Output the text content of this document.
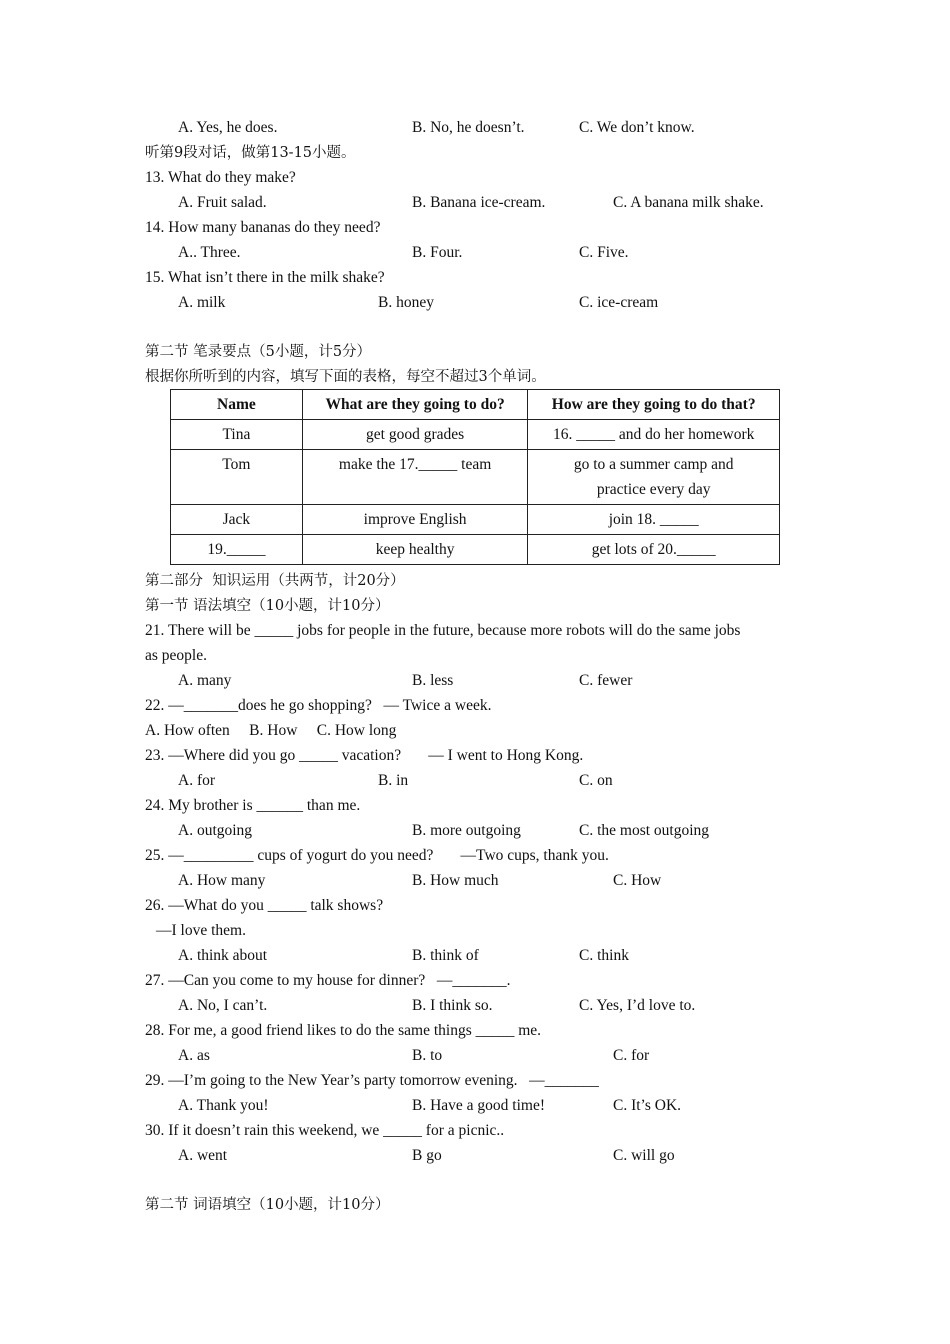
A. Yes, he does.	B. No, he doesn’t.	C. We don’t know.
听第9段对话，做第13-15小题。
13. What do they make?
A. Fruit salad.	B. Banana ice-cream.	C. A banana milk shake.
14. How many bananas do they need?
A.. Three.	B. Four.	C. Five.
15. What isn’t there in the milk shake?
A. milk	B. honey	C. ice-cream
第二节 笔录要点（5小题，计5分）
根据你所听到的内容，填写下面的表格，每空不超过3个单词。
Name	What are they going to do?	How are they going to do that?
Tina	get good grades	16. _____ and do her homework
Tom	make the 17._____ team	go to a summer camp and practice every day
Jack	improve English	join 18. _____
19._____	keep healthy	get lots of 20._____
第二部分  知识运用（共两节，计20分）
第一节 语法填空（10小题，计10分）
21. There will be _____ jobs for people in the future, because more robots will do the same jobs
as people.
A. many	B. less	C. fewer
22. —_______does he go shopping?   — Twice a week.
A. How often     B. How     C. How long
23. —Where did you go _____ vacation?       — I went to Hong Kong.
A. for	B. in	C. on
24. My brother is ______ than me.
A. outgoing	B. more outgoing	C. the most outgoing
25. —_________ cups of yogurt do you need?       —Two cups, thank you.
A. How many	B. How much	C. How
26. —What do you _____ talk shows?
—I love them.
A. think about	B. think of	C. think
27. —Can you come to my house for dinner?   —_______.
A. No, I can’t.	B. I think so.	C. Yes, I’d love to.
28. For me, a good friend likes to do the same things _____ me.
A. as	B. to	C. for
29. —I’m going to the New Year’s party tomorrow evening.   —_______
A. Thank you!	B. Have a good time!	C. It’s OK.
30. If it doesn’t rain this weekend, we _____ for a picnic..
A. went	B go	C. will go
第二节 词语填空（10小题，计10分）
